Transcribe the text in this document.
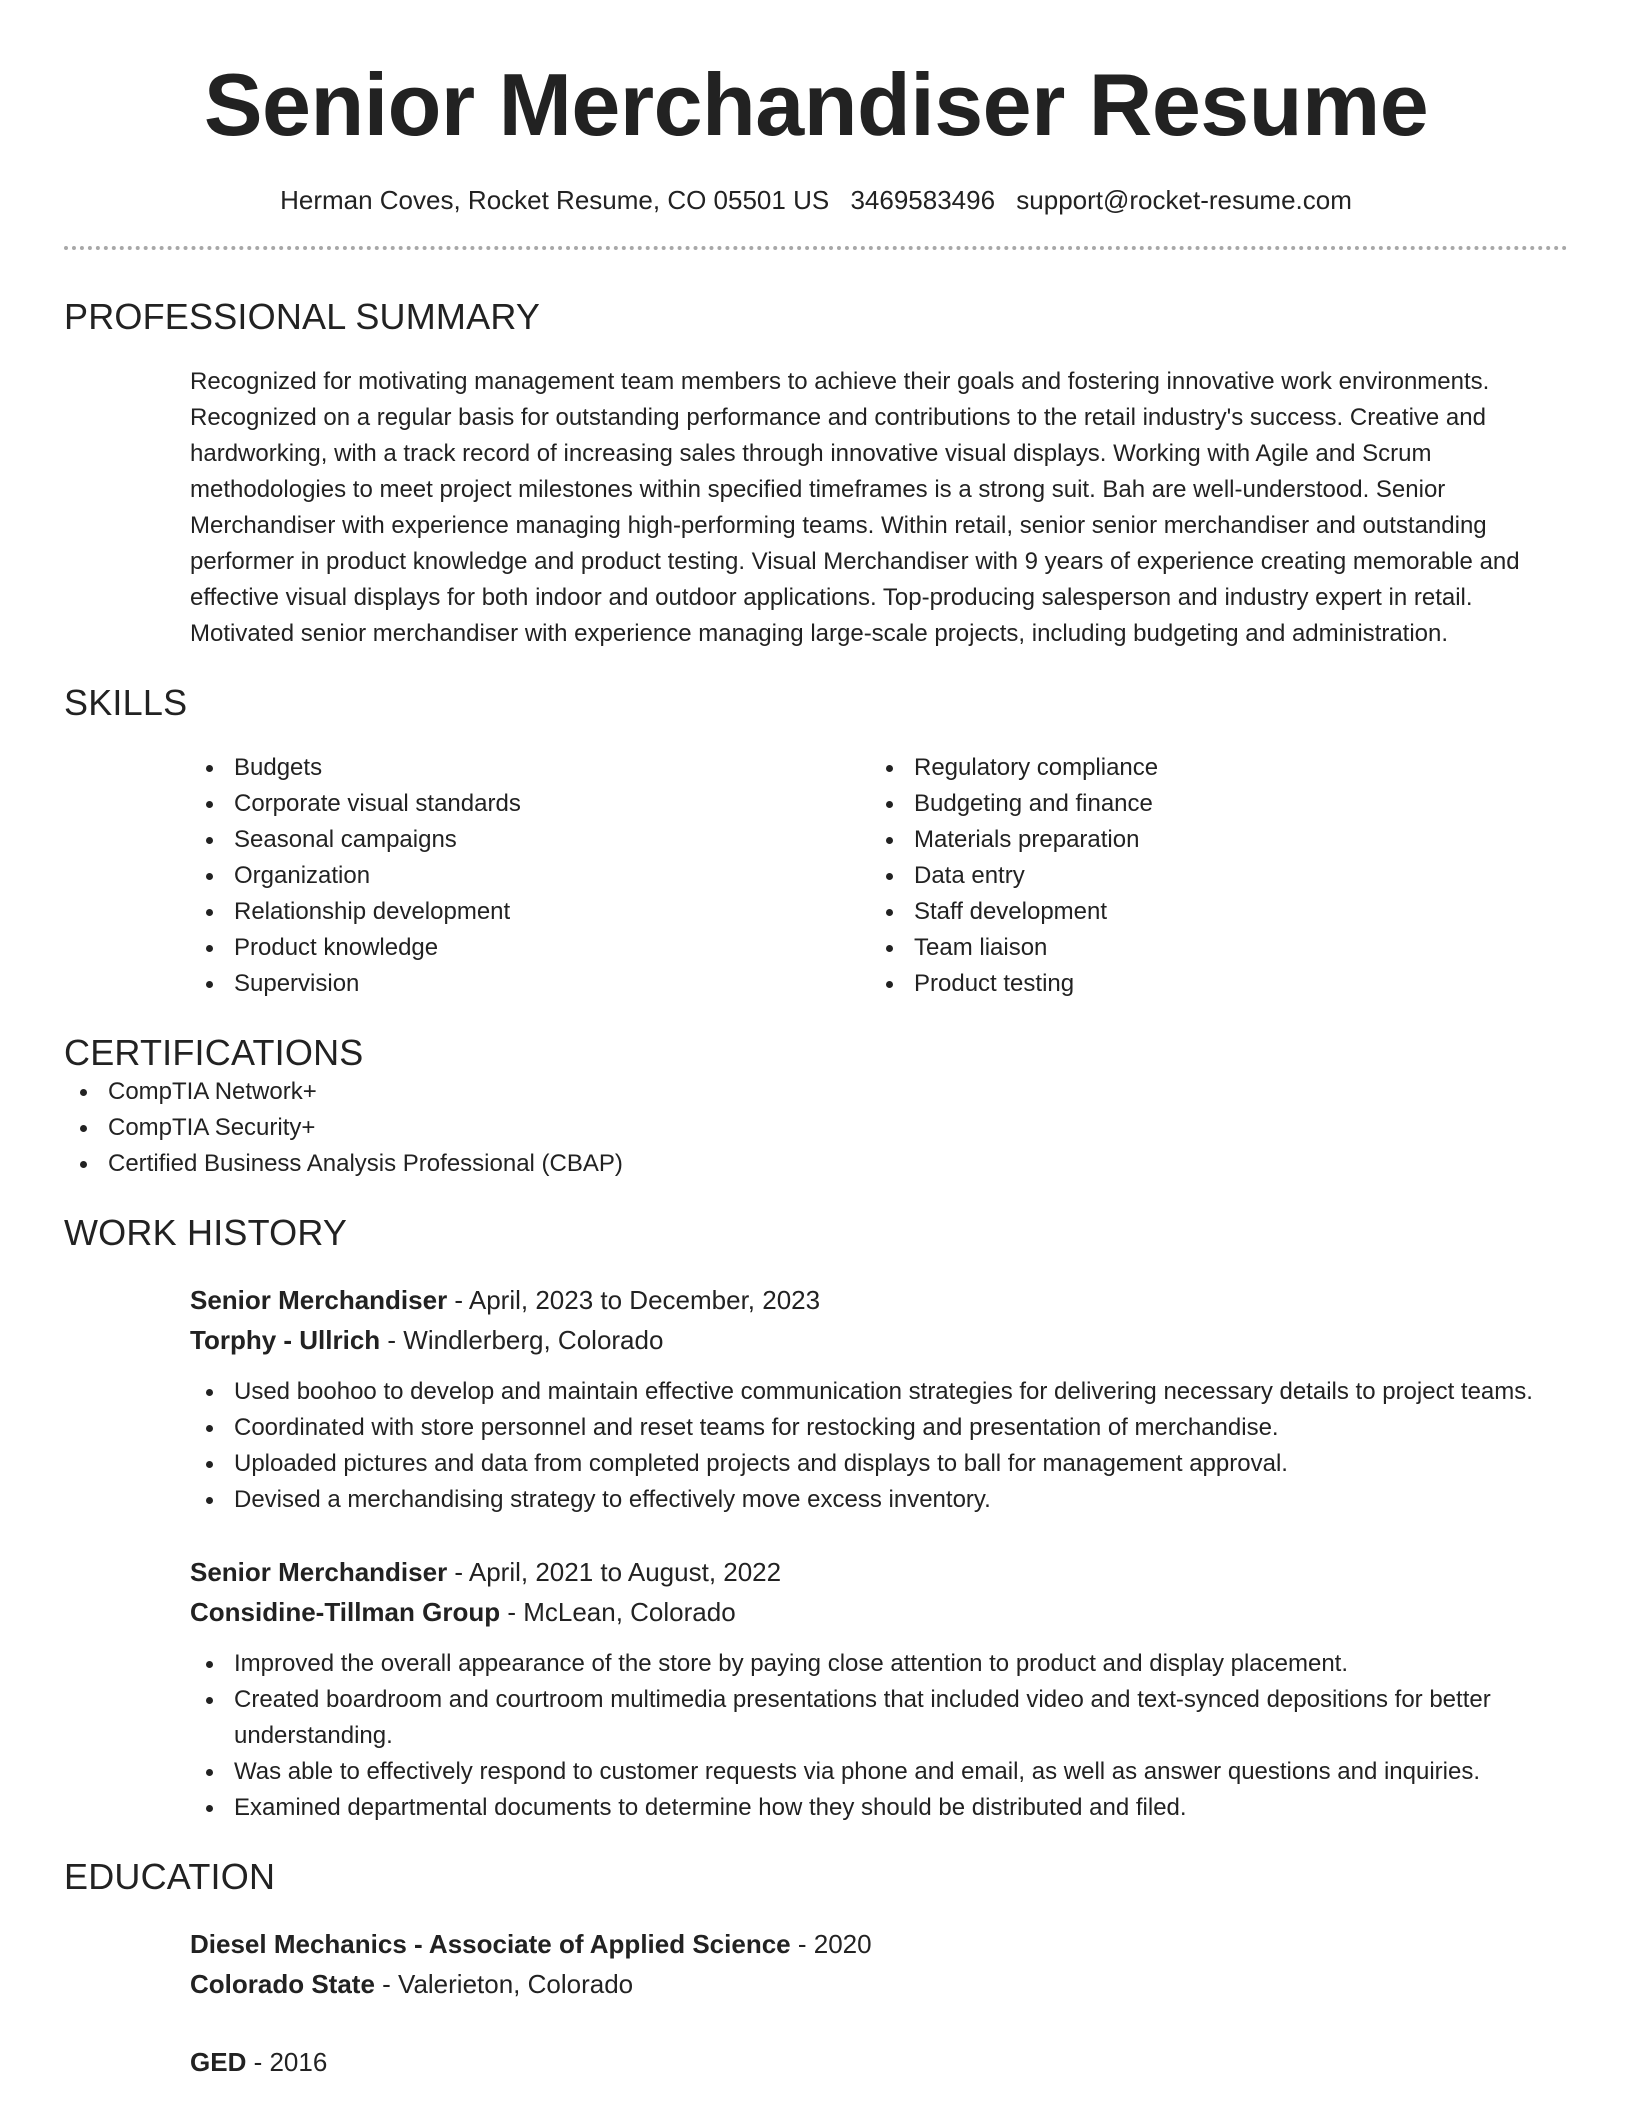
Senior Merchandiser Resume
Herman Coves, Rocket Resume, CO 05501 US 3469583496 support@rocket-resume.com
PROFESSIONAL SUMMARY
Recognized for motivating management team members to achieve their goals and fostering innovative work environments. Recognized on a regular basis for outstanding performance and contributions to the retail industry's success. Creative and hardworking, with a track record of increasing sales through innovative visual displays. Working with Agile and Scrum methodologies to meet project milestones within specified timeframes is a strong suit. Bah are well-understood. Senior Merchandiser with experience managing high-performing teams. Within retail, senior senior merchandiser and outstanding performer in product knowledge and product testing. Visual Merchandiser with 9 years of experience creating memorable and effective visual displays for both indoor and outdoor applications. Top-producing salesperson and industry expert in retail. Motivated senior merchandiser with experience managing large-scale projects, including budgeting and administration.
SKILLS
Budgets
Corporate visual standards
Seasonal campaigns
Organization
Relationship development
Product knowledge
Supervision
Regulatory compliance
Budgeting and finance
Materials preparation
Data entry
Staff development
Team liaison
Product testing
CERTIFICATIONS
CompTIA Network+
CompTIA Security+
Certified Business Analysis Professional (CBAP)
WORK HISTORY
Senior Merchandiser - April, 2023 to December, 2023
Torphy - Ullrich - Windlerberg, Colorado
Used boohoo to develop and maintain effective communication strategies for delivering necessary details to project teams.
Coordinated with store personnel and reset teams for restocking and presentation of merchandise.
Uploaded pictures and data from completed projects and displays to ball for management approval.
Devised a merchandising strategy to effectively move excess inventory.
Senior Merchandiser - April, 2021 to August, 2022
Considine-Tillman Group - McLean, Colorado
Improved the overall appearance of the store by paying close attention to product and display placement.
Created boardroom and courtroom multimedia presentations that included video and text-synced depositions for better understanding.
Was able to effectively respond to customer requests via phone and email, as well as answer questions and inquiries.
Examined departmental documents to determine how they should be distributed and filed.
EDUCATION
Diesel Mechanics - Associate of Applied Science - 2020
Colorado State - Valerieton, Colorado
GED - 2016
